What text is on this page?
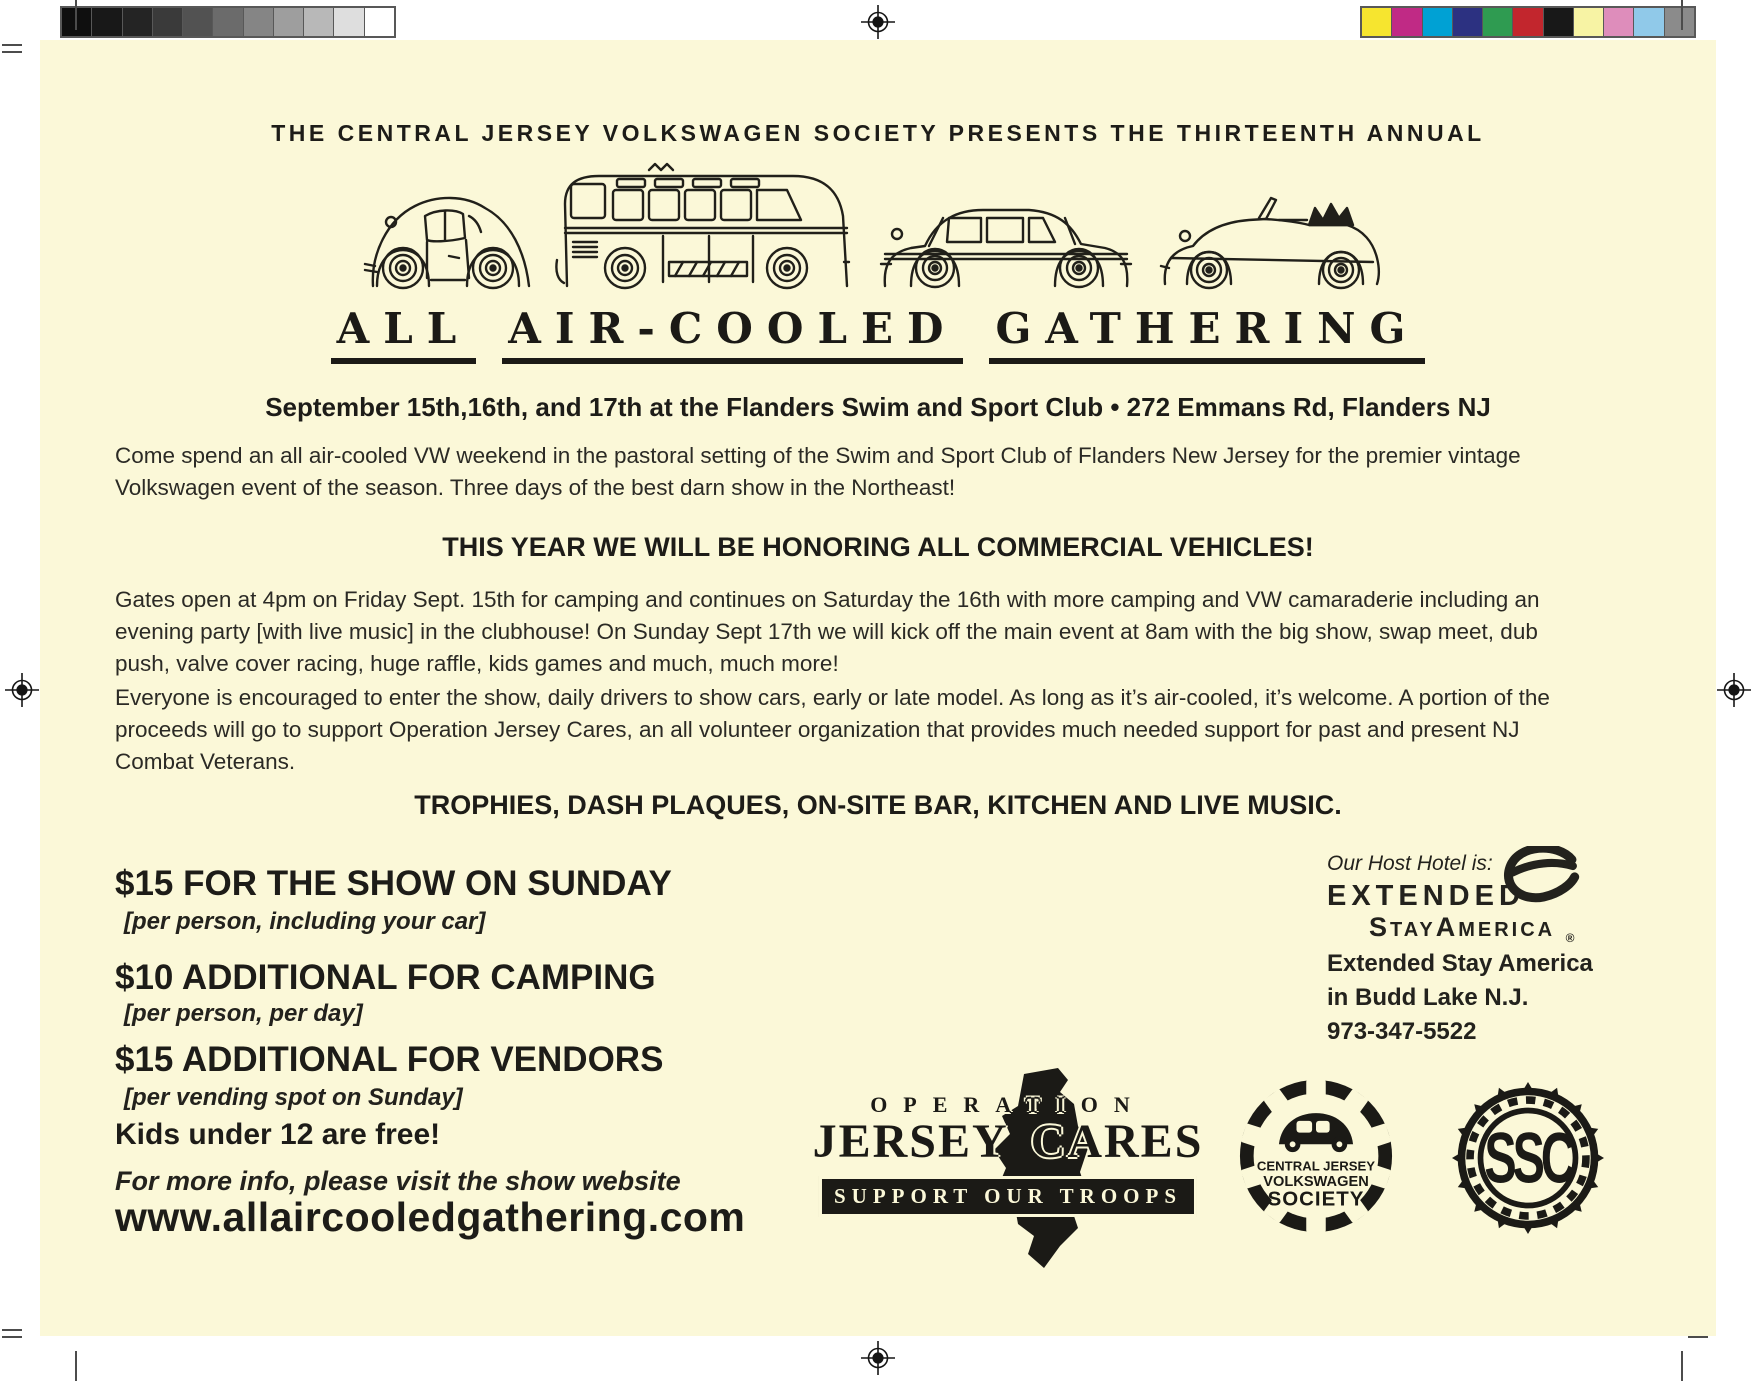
THE CENTRAL JERSEY VOLKSWAGEN SOCIETY PRESENTS THE THIRTEENTH ANNUAL
ALL AIR-COOLED GATHERING
September 15th,16th, and 17th at the Flanders Swim and Sport Club • 272 Emmans Rd, Flanders NJ
Come spend an all air-cooled VW weekend in the pastoral setting of the Swim and Sport Club of Flanders New Jersey for the premier vintage Volkswagen event of the season. Three days of the best darn show in the Northeast!
THIS YEAR WE WILL BE HONORING ALL COMMERCIAL VEHICLES!
Gates open at 4pm on Friday Sept. 15th for camping and continues on Saturday the 16th with more camping and VW camaraderie including an evening party [with live music] in the clubhouse! On Sunday Sept 17th we will kick off the main event at 8am with the big show, swap meet, dub push, valve cover racing, huge raffle, kids games and much, much more!
Everyone is encouraged to enter the show, daily drivers to show cars, early or late model. As long as it’s air-cooled, it’s welcome. A portion of the proceeds will go to support Operation Jersey Cares, an all volunteer organization that provides much needed support for past and present NJ Combat Veterans.
TROPHIES, DASH PLAQUES, ON-SITE BAR, KITCHEN AND LIVE MUSIC.
$15 FOR THE SHOW ON SUNDAY
[per person, including your car]
$10 ADDITIONAL FOR CAMPING
[per person, per day]
$15 ADDITIONAL FOR VENDORS
[per vending spot on Sunday]
Kids under 12 are free!
For more info, please visit the show website
www.allaircooledgathering.com
Our Host Hotel is:
EXTENDED
STAYAMERICA $_®$
Extended Stay America
in Budd Lake N.J.
973-347-5522
OPERATION
JERSEY CARES
SUPPORT OUR TROOPS
CENTRAL JERSEY
VOLKSWAGEN
SOCIETY
SSC
